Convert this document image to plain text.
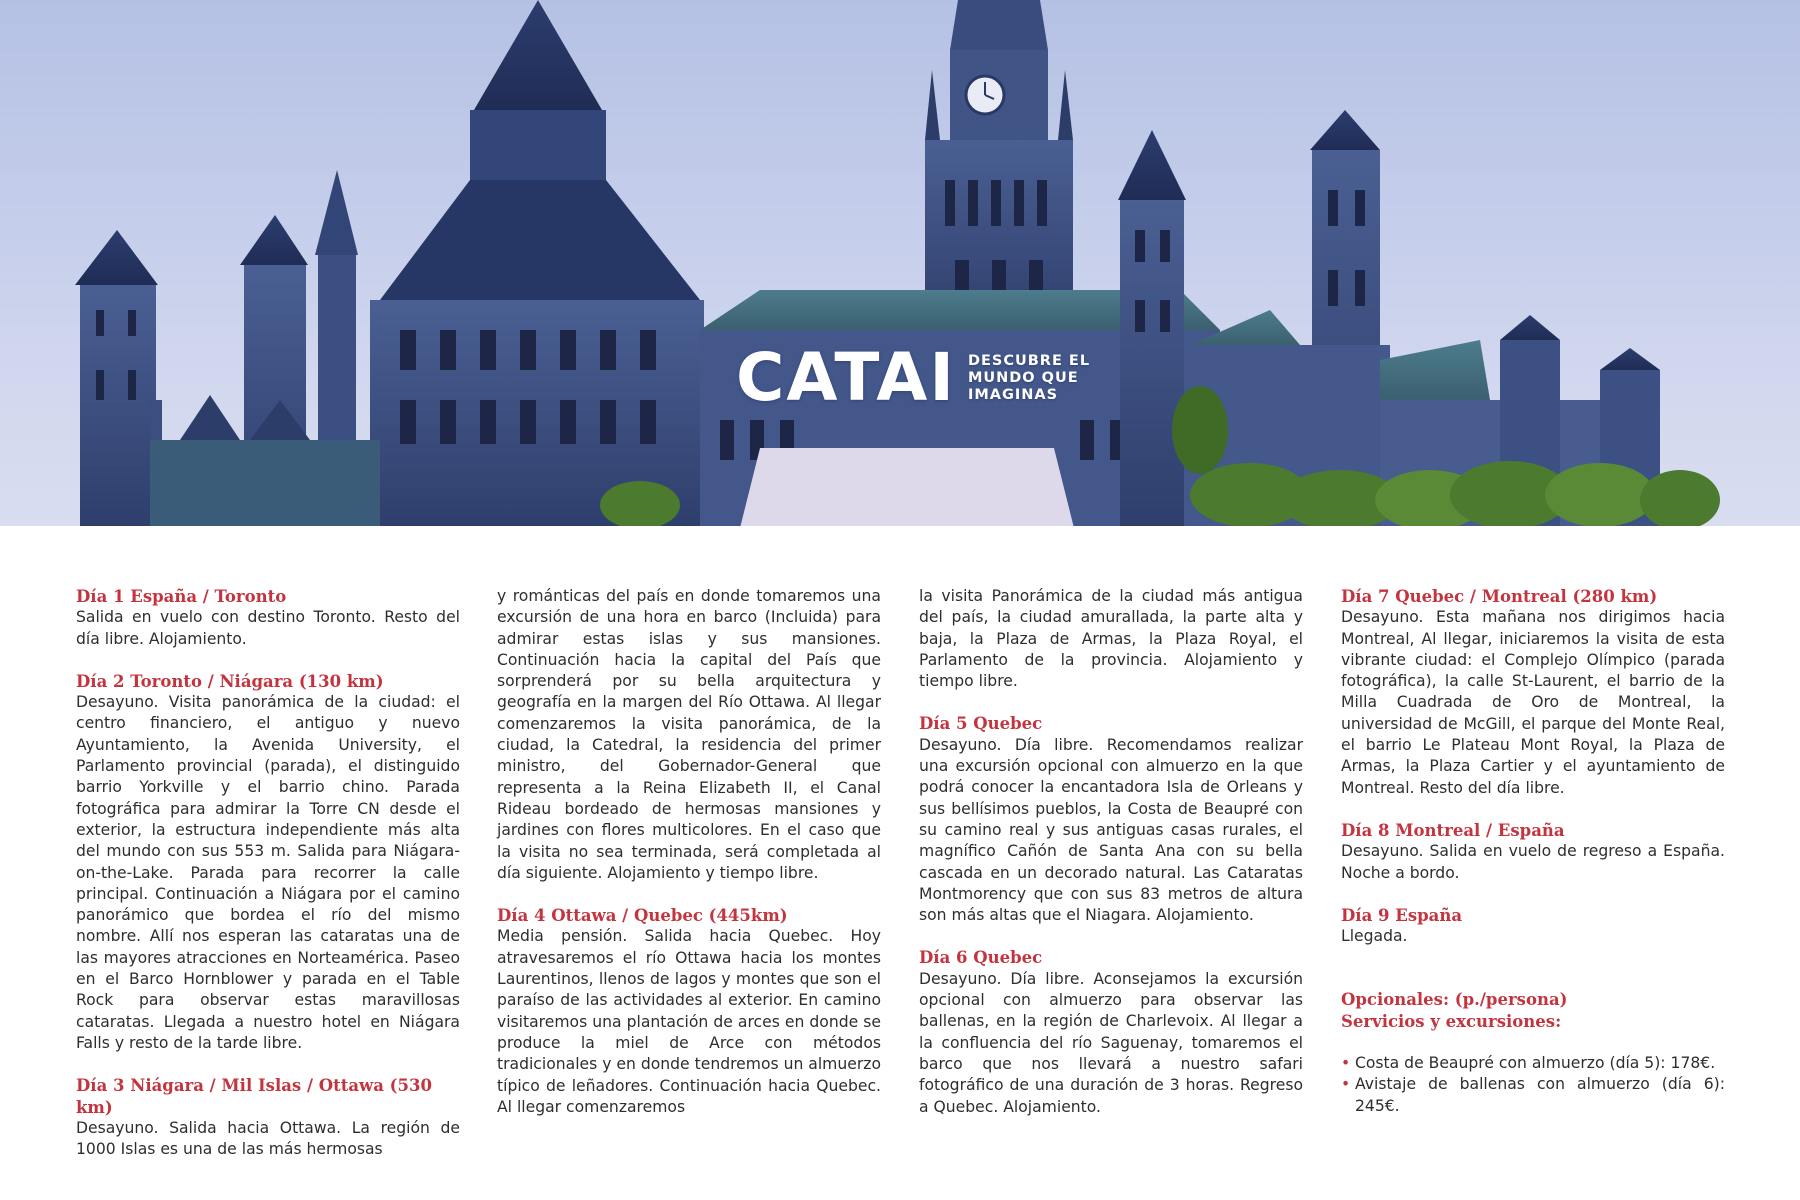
CATAI DESCUBRE EL
MUNDO QUE
IMAGINAS
Día 1 España / Toronto
Salida en vuelo con destino Toronto. Resto del día libre. Alojamiento.
Día 2 Toronto / Niágara (130 km)
Desayuno. Visita panorámica de la ciudad: el centro financiero, el antiguo y nuevo Ayuntamiento, la Avenida University, el Parlamento provincial (parada), el distinguido barrio Yorkville y el barrio chino. Parada fotográfica para admirar la Torre CN desde el exterior, la estructura independiente más alta del mundo con sus 553 m. Salida para Niágara-on-the-Lake. Parada para recorrer la calle principal. Continuación a Niágara por el camino panorámico que bordea el río del mismo nombre. Allí nos esperan las cataratas una de las mayores atracciones en Norteamérica. Paseo en el Barco Hornblower y parada en el Table Rock para observar estas maravillosas cataratas. Llegada a nuestro hotel en Niágara Falls y resto de la tarde libre.
Día 3 Niágara / Mil Islas / Ottawa (530 km)
Desayuno. Salida hacia Ottawa. La región de 1000 Islas es una de las más hermosas
y románticas del país en donde tomaremos una excursión de una hora en barco (Incluida) para admirar estas islas y sus mansiones. Continuación hacia la capital del País que sorprenderá por su bella arquitectura y geografía en la margen del Río Ottawa. Al llegar comenzaremos la visita panorámica, de la ciudad, la Catedral, la residencia del primer ministro, del Gobernador-General que representa a la Reina Elizabeth II, el Canal Rideau bordeado de hermosas mansiones y jardines con flores multicolores. En el caso que la visita no sea terminada, será completada al día siguiente. Alojamiento y tiempo libre.
Día 4 Ottawa / Quebec (445km)
Media pensión. Salida hacia Quebec. Hoy atravesaremos el río Ottawa hacia los montes Laurentinos, llenos de lagos y montes que son el paraíso de las actividades al exterior. En camino visitaremos una plantación de arces en donde se produce la miel de Arce con métodos tradicionales y en donde tendremos un almuerzo típico de leñadores. Continuación hacia Quebec. Al llegar comenzaremos
la visita Panorámica de la ciudad más antigua del país, la ciudad amurallada, la parte alta y baja, la Plaza de Armas, la Plaza Royal, el Parlamento de la provincia. Alojamiento y tiempo libre.
Día 5 Quebec
Desayuno. Día libre. Recomendamos realizar una excursión opcional con almuerzo en la que podrá conocer la encantadora Isla de Orleans y sus bellísimos pueblos, la Costa de Beaupré con su camino real y sus antiguas casas rurales, el magnífico Cañón de Santa Ana con su bella cascada en un decorado natural. Las Cataratas Montmorency que con sus 83 metros de altura son más altas que el Niagara. Alojamiento.
Día 6 Quebec
Desayuno. Día libre. Aconsejamos la excursión opcional con almuerzo para observar las ballenas, en la región de Charlevoix. Al llegar a la confluencia del río Saguenay, tomaremos el barco que nos llevará a nuestro safari fotográfico de una duración de 3 horas. Regreso a Quebec. Alojamiento.
Día 7 Quebec / Montreal (280 km)
Desayuno. Esta mañana nos dirigimos hacia Montreal, Al llegar, iniciaremos la visita de esta vibrante ciudad: el Complejo Olímpico (parada fotográfica), la calle St-Laurent, el barrio de la Milla Cuadrada de Oro de Montreal, la universidad de McGill, el parque del Monte Real, el barrio Le Plateau Mont Royal, la Plaza de Armas, la Plaza Cartier y el ayuntamiento de Montreal. Resto del día libre.
Día 8 Montreal / España
Desayuno. Salida en vuelo de regreso a España. Noche a bordo.
Día 9 España
Llegada.
Opcionales: (p./persona)
Servicios y excursiones:
• Costa de Beaupré con almuerzo (día 5): 178€.
• Avistaje de ballenas con almuerzo (día 6): 245€.
